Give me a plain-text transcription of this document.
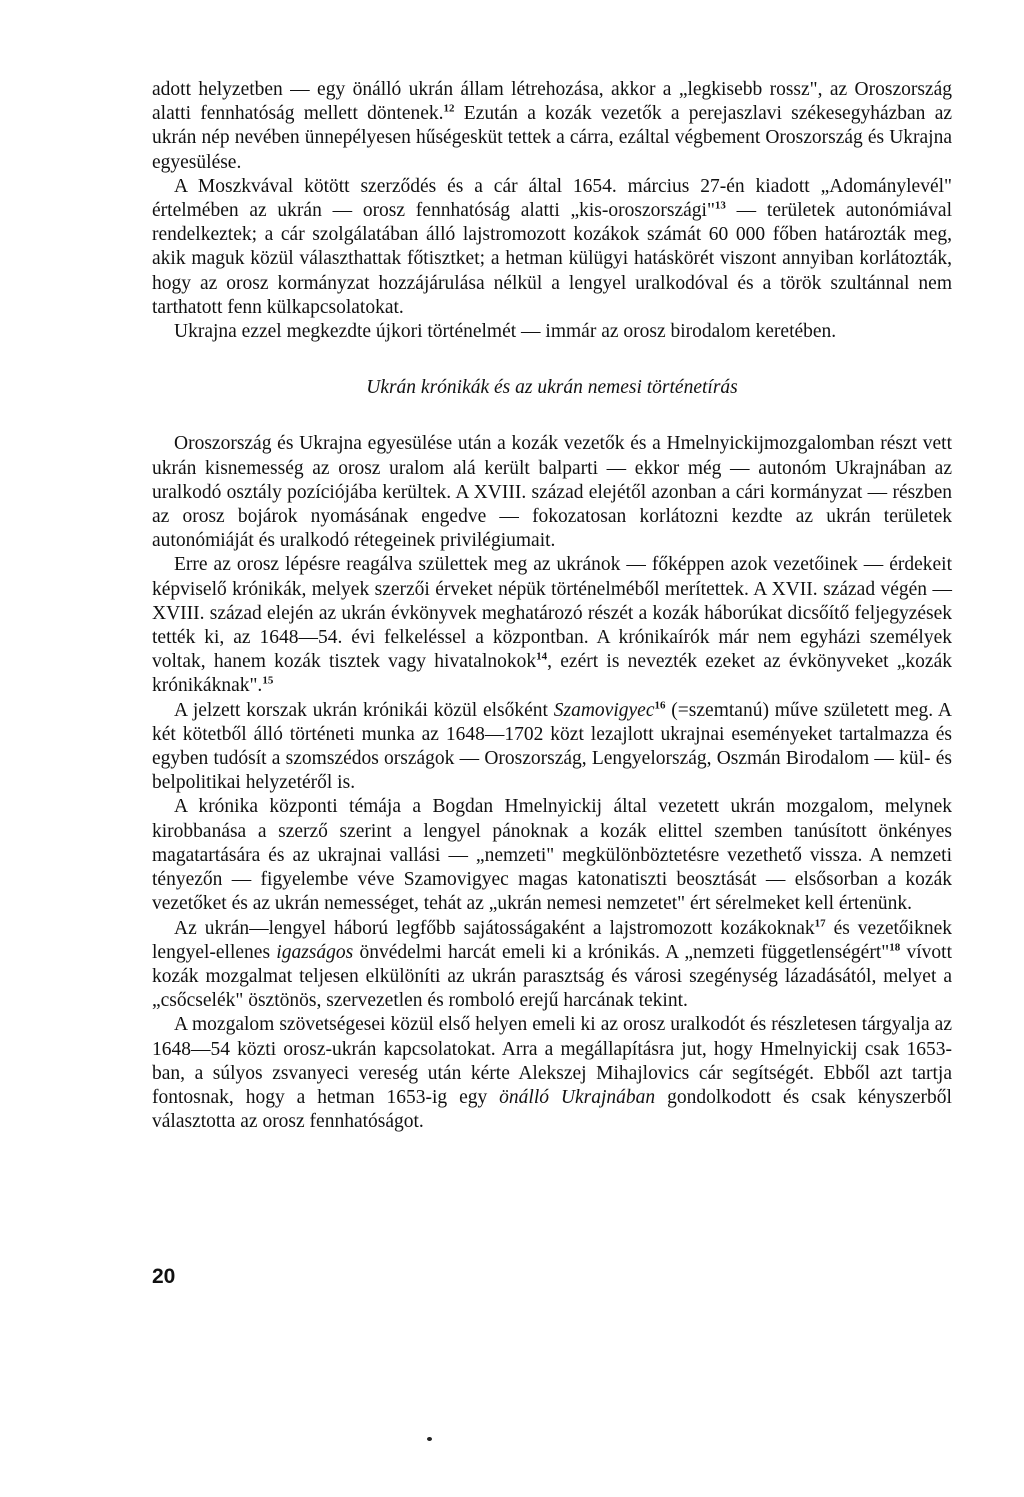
adott helyzetben — egy önálló ukrán állam létrehozása, akkor a „legkisebb rossz", az Oroszország alatti fennhatóság mellett döntenek.$^{12}$ Ezután a kozák vezetők a perejaszlavi székesegyházban az ukrán nép nevében ünnepélyesen hűségesküt tettek a cárra, ezáltal végbement Oroszország és Ukrajna egyesülése.

A Moszkvával kötött szerződés és a cár által 1654. március 27-én kiadott „Adománylevél" értelmében az ukrán — orosz fennhatóság alatti „kis-oroszországi"$^{13}$ — területek autonómiával rendelkeztek; a cár szolgálatában álló lajstromozott kozákok számát 60 000 főben határozták meg, akik maguk közül választhattak főtisztket; a hetman külügyi hatáskörét viszont annyiban korlátozták, hogy az orosz kormányzat hozzájárulása nélkül a lengyel uralkodóval és a török szultánnal nem tarthatott fenn külkapcsolatokat.

Ukrajna ezzel megkezdte újkori történelmét — immár az orosz birodalom keretében.

Ukrán krónikák és az ukrán nemesi történetírás

Oroszország és Ukrajna egyesülése után a kozák vezetők és a Hmelnyickijmozgalomban részt vett ukrán kisnemesség az orosz uralom alá került balparti — ekkor még — autonóm Ukrajnában az uralkodó osztály pozíciójába kerültek. A XVIII. század elejétől azonban a cári kormányzat — részben az orosz bojárok nyomásának engedve — fokozatosan korlátozni kezdte az ukrán területek autonómiáját és uralkodó rétegeinek privilégiumait.

Erre az orosz lépésre reagálva születtek meg az ukránok — főképpen azok vezetőinek — érdekeit képviselő krónikák, melyek szerzői érveket népük történelméből merítettek. A XVII. század végén — XVIII. század elején az ukrán évkönyvek meghatározó részét a kozák háborúkat dicsőítő feljegyzések tették ki, az 1648—54. évi felkeléssel a központban. A krónikaírók már nem egyházi személyek voltak, hanem kozák tisztek vagy hivatalnokok$^{14}$, ezért is nevezték ezeket az évkönyveket „kozák krónikáknak".$^{15}$

A jelzett korszak ukrán krónikái közül elsőként Szamovigyec$^{16}$ (=szemtanú) műve született meg. A két kötetből álló történeti munka az 1648—1702 közt lezajlott ukrajnai eseményeket tartalmazza és egyben tudósít a szomszédos országok — Oroszország, Lengyelország, Oszmán Birodalom — kül- és belpolitikai helyzetéről is.

A krónika központi témája a Bogdan Hmelnyickij által vezetett ukrán mozgalom, melynek kirobbanása a szerző szerint a lengyel pánoknak a kozák elittel szemben tanúsított önkényes magatartására és az ukrajnai vallási — „nemzeti" megkülönböztetésre vezethető vissza. A nemzeti tényezőn — figyelembe véve Szamovigyec magas katonatiszti beosztását — elsősorban a kozák vezetőket és az ukrán nemességet, tehát az „ukrán nemesi nemzetet" ért sérelmeket kell értenünk.

Az ukrán—lengyel háború legfőbb sajátosságaként a lajstromozott kozákoknak$^{17}$ és vezetőiknek lengyel-ellenes igazságos önvédelmi harcát emeli ki a krónikás. A „nemzeti függetlenségért"$^{18}$ vívott kozák mozgalmat teljesen elkülöníti az ukrán parasztság és városi szegénység lázadásától, melyet a „csőcselék" ösztönös, szervezetlen és romboló erejű harcának tekint.

A mozgalom szövetségesei közül első helyen emeli ki az orosz uralkodót és részletesen tárgyalja az 1648—54 közti orosz-ukrán kapcsolatokat. Arra a megállapításra jut, hogy Hmelnyickij csak 1653-ban, a súlyos zsvanyeci vereség után kérte Alekszej Mihajlovics cár segítségét. Ebből azt tartja fontosnak, hogy a hetman 1653-ig egy önálló Ukrajnában gondolkodott és csak kényszerből választotta az orosz fennhatóságot.

20
